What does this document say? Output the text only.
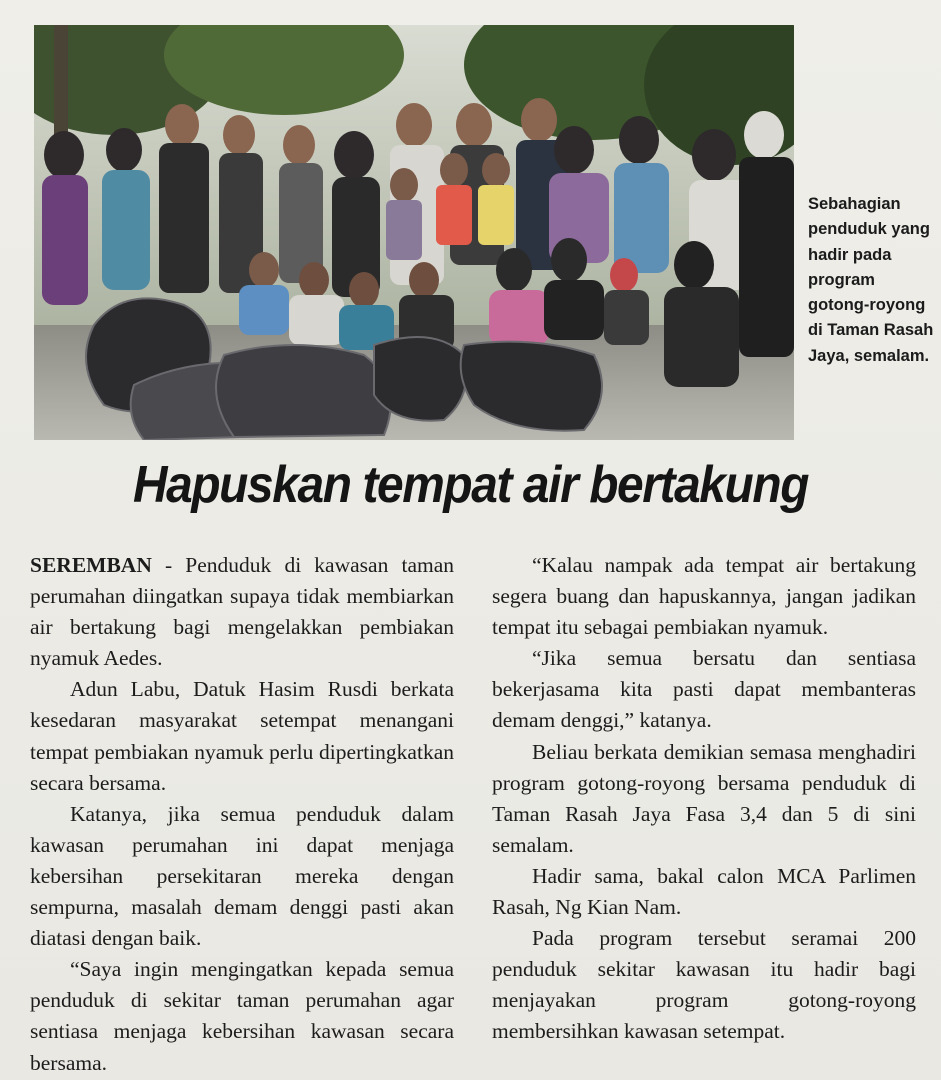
Sebahagian penduduk yang hadir pada program gotong-royong di Taman Rasah Jaya, semalam.
Hapuskan tempat air bertakung

SEREMBAN - Penduduk di kawasan taman perumahan diingatkan supaya tidak membiarkan air bertakung bagi mengelakkan pembiakan nyamuk Aedes.

Adun Labu, Datuk Hasim Rusdi berkata kesedaran masyarakat setempat menangani tempat pembiakan nyamuk perlu dipertingkatkan secara bersama.

Katanya, jika semua penduduk dalam kawasan perumahan ini dapat menjaga kebersihan persekitaran mereka dengan sempurna, masalah demam denggi pasti akan diatasi dengan baik.

“Saya ingin mengingatkan kepada semua penduduk di sekitar taman perumahan agar sentiasa menjaga kebersihan kawasan secara bersama.

“Kalau nampak ada tempat air bertakung segera buang dan hapuskannya, jangan jadikan tempat itu sebagai pembiakan nyamuk.

“Jika semua bersatu dan sentiasa bekerjasama kita pasti dapat membanteras demam denggi,” katanya.

Beliau berkata demikian semasa menghadiri program gotong-royong bersama penduduk di Taman Rasah Jaya Fasa 3,4 dan 5 di sini semalam.

Hadir sama, bakal calon MCA Parlimen Rasah, Ng Kian Nam.

Pada program tersebut seramai 200 penduduk sekitar kawasan itu hadir bagi menjayakan program gotong-royong membersihkan kawasan setempat.
